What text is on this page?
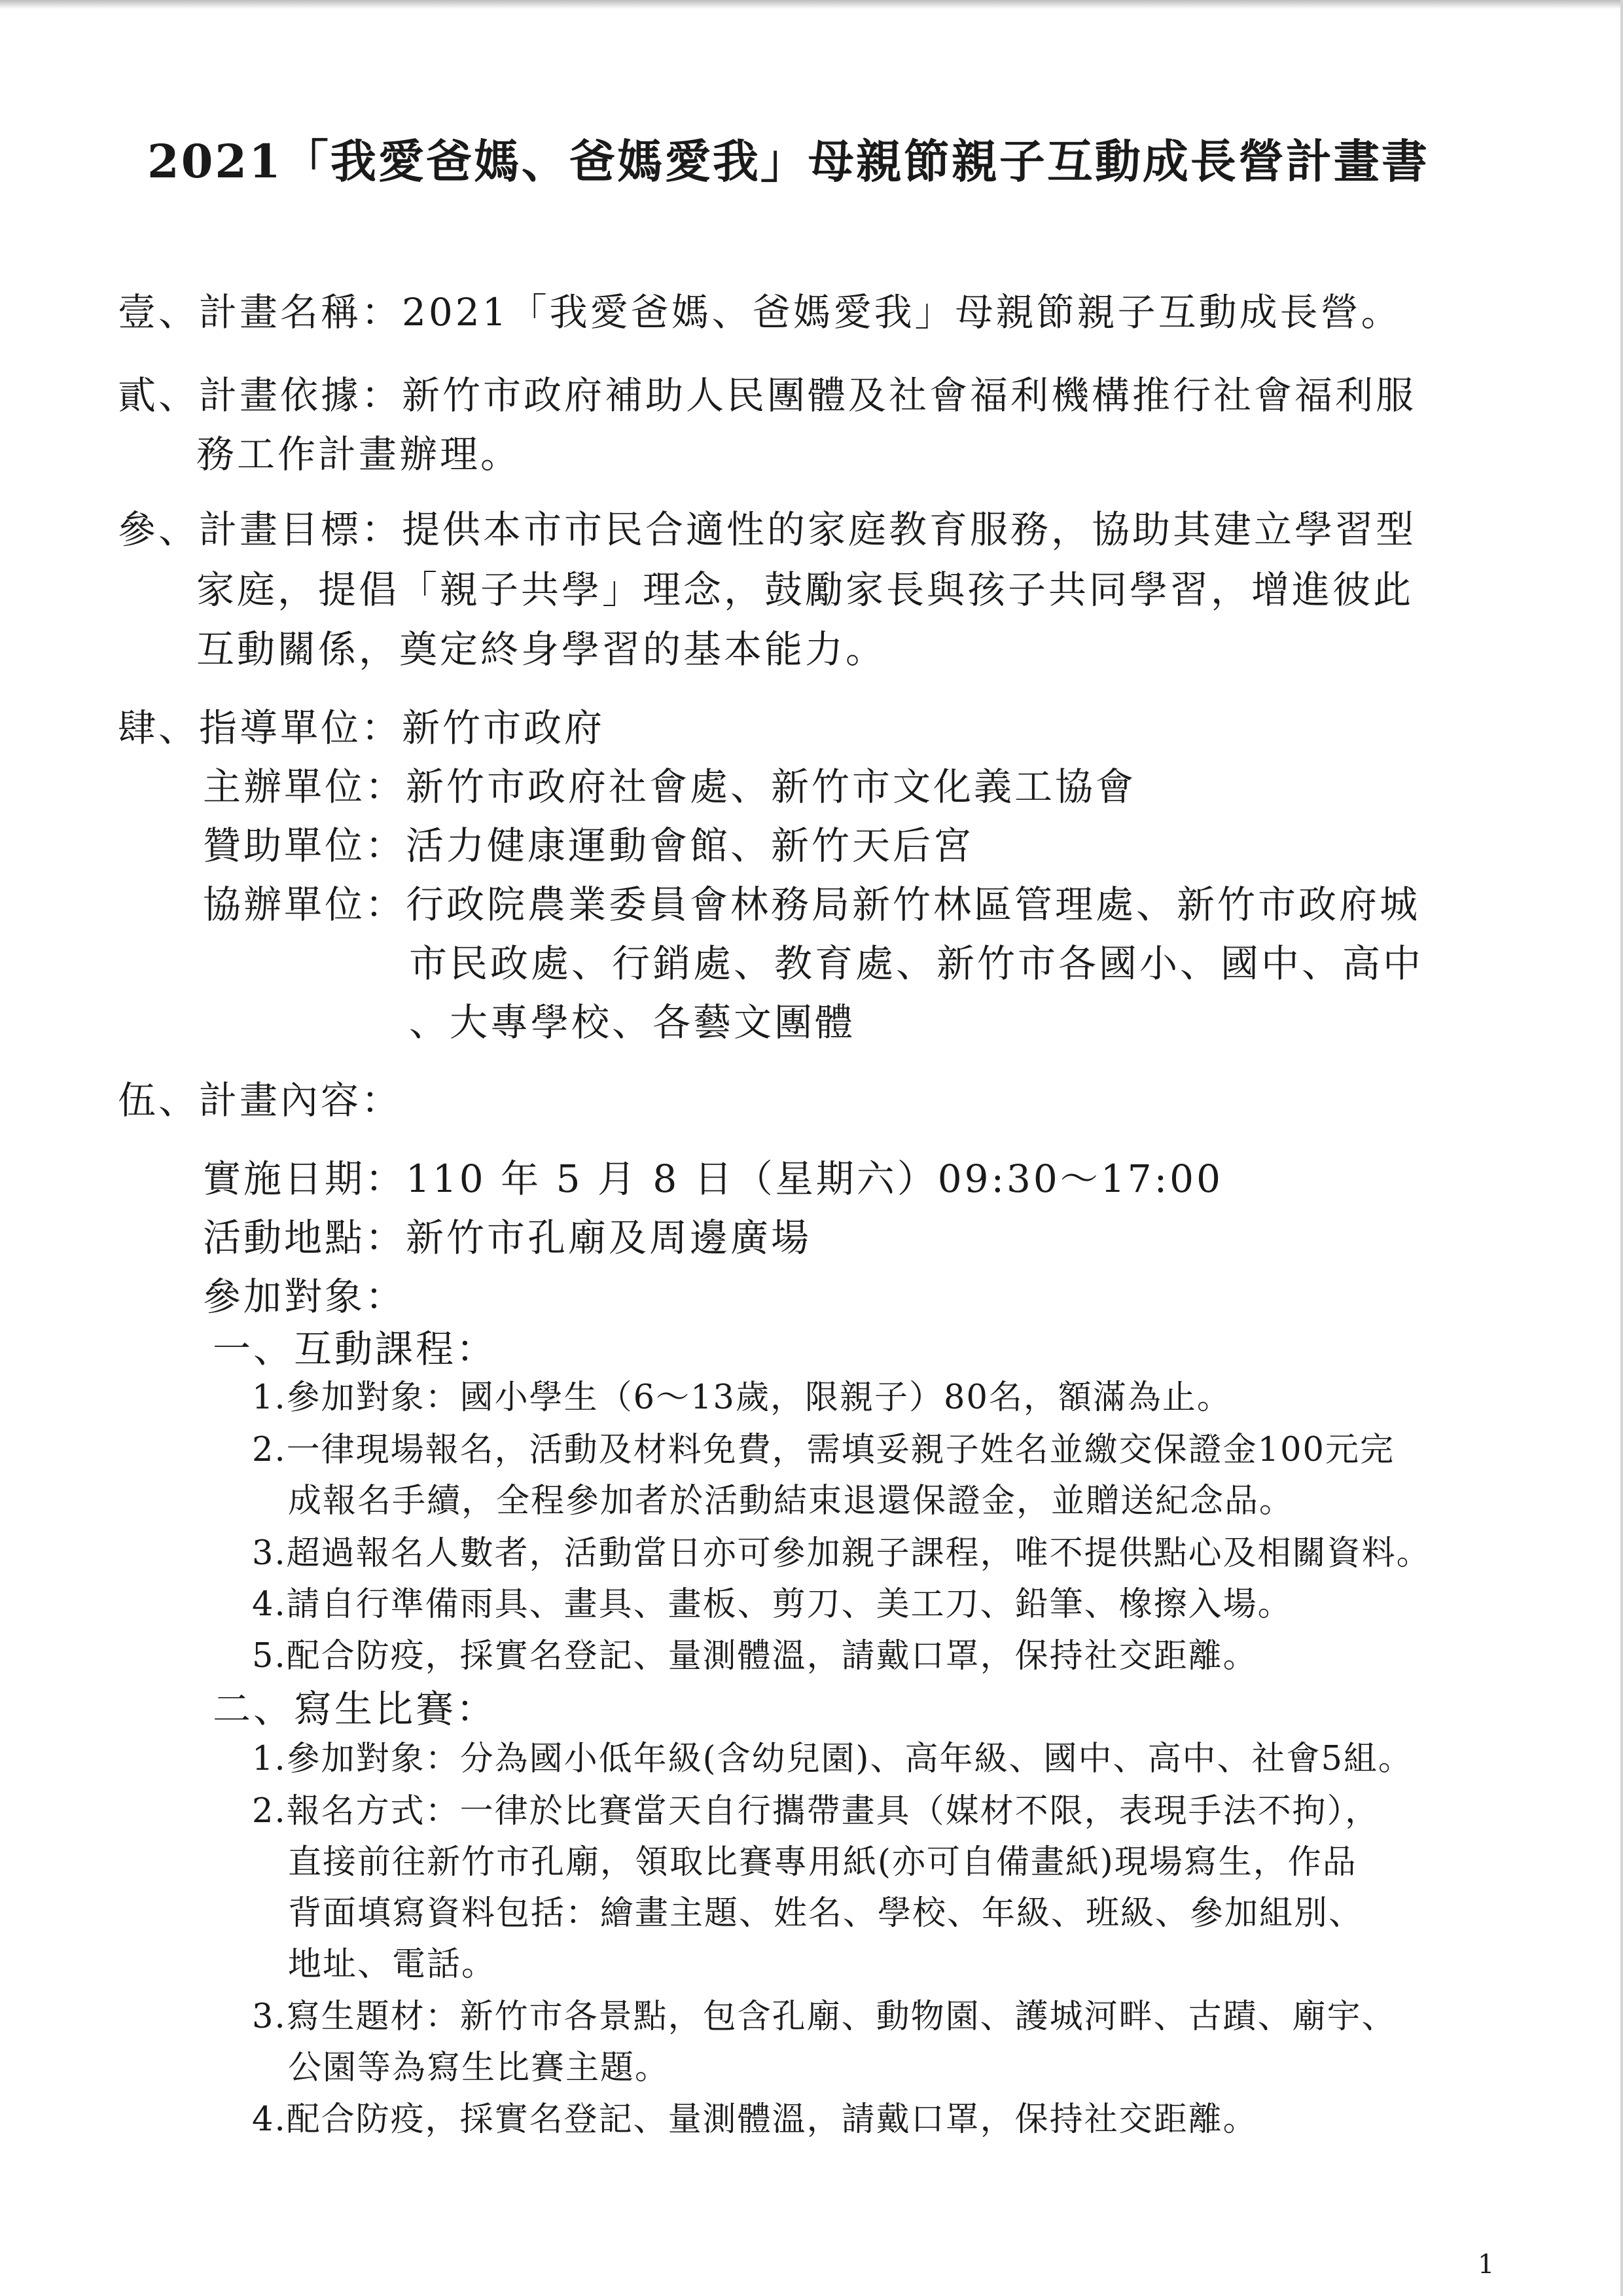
2021「我愛爸媽、爸媽愛我」母親節親子互動成長營計畫書
壹、計畫名稱：2021「我愛爸媽、爸媽愛我」母親節親子互動成長營。
貳、計畫依據：新竹市政府補助人民團體及社會福利機構推行社會福利服
務工作計畫辦理。
參、計畫目標：提供本市市民合適性的家庭教育服務，協助其建立學習型
家庭，提倡「親子共學」理念，鼓勵家長與孩子共同學習，增進彼此
互動關係，奠定終身學習的基本能力。
肆、指導單位：新竹市政府
主辦單位：新竹市政府社會處、新竹市文化義工協會
贊助單位：活力健康運動會館、新竹天后宮
協辦單位：行政院農業委員會林務局新竹林區管理處、新竹市政府城
市民政處、行銷處、教育處、新竹市各國小、國中、高中
、大專學校、各藝文團體
伍、計畫內容：
實施日期：110 年 5 月 8 日（星期六）09:30～17:00
活動地點：新竹市孔廟及周邊廣場
參加對象：
一、互動課程：
1.參加對象：國小學生（6～13歲，限親子）80名，額滿為止。
2.一律現場報名，活動及材料免費，需填妥親子姓名並繳交保證金100元完
成報名手續，全程參加者於活動結束退還保證金，並贈送紀念品。
3.超過報名人數者，活動當日亦可參加親子課程，唯不提供點心及相關資料。
4.請自行準備雨具、畫具、畫板、剪刀、美工刀、鉛筆、橡擦入場。
5.配合防疫，採實名登記、量測體溫，請戴口罩，保持社交距離。
二、寫生比賽：
1.參加對象：分為國小低年級(含幼兒園)、高年級、國中、高中、社會5組。
2.報名方式：一律於比賽當天自行攜帶畫具（媒材不限，表現手法不拘），
直接前往新竹市孔廟，領取比賽專用紙(亦可自備畫紙)現場寫生，作品
背面填寫資料包括：繪畫主題、姓名、學校、年級、班級、參加組別、
地址、電話。
3.寫生題材：新竹市各景點，包含孔廟、動物園、護城河畔、古蹟、廟宇、
公園等為寫生比賽主題。
4.配合防疫，採實名登記、量測體溫，請戴口罩，保持社交距離。
1
